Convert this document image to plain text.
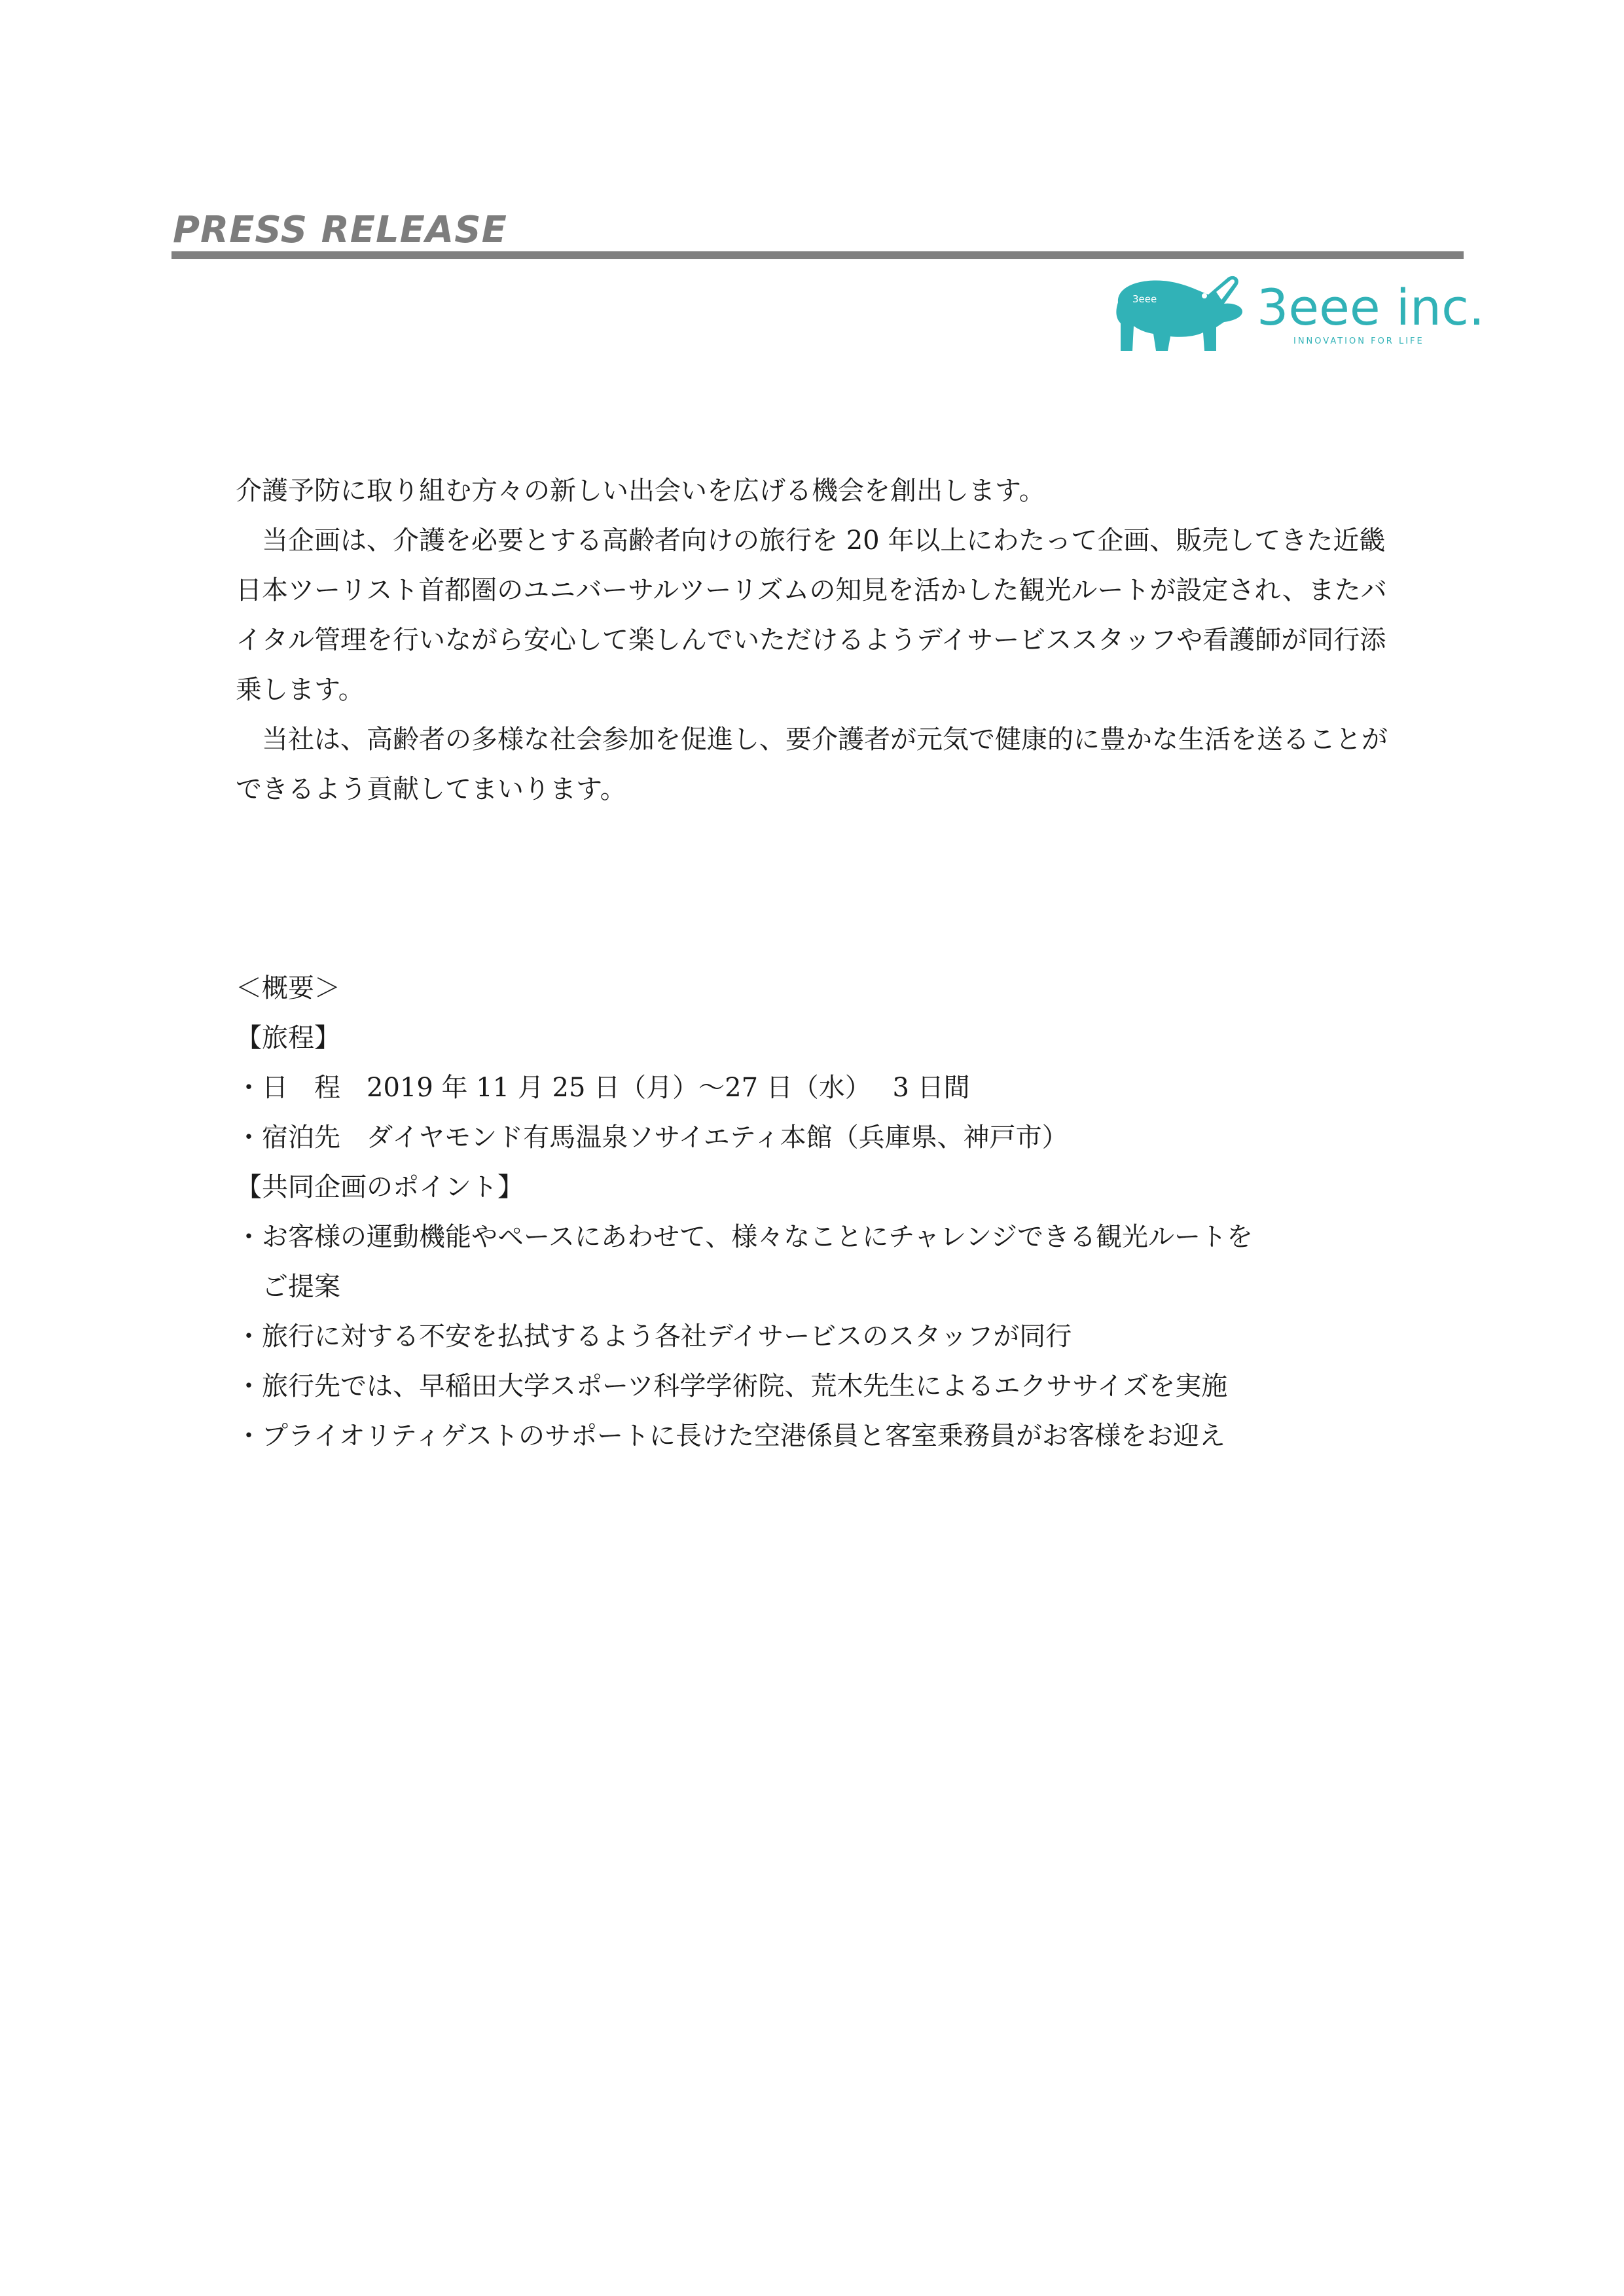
PRESS RELEASE
3eee 3eee inc.
INNOVATION FOR LIFE

介護予防に取り組む方々の新しい出会いを広げる機会を創出します。

当企画は、介護を必要とする高齢者向けの旅行を 20 年以上にわたって企画、販売してきた近畿日本ツーリスト首都圏のユニバーサルツーリズムの知見を活かした観光ルートが設定され、またバイタル管理を行いながら安心して楽しんでいただけるようデイサービススタッフや看護師が同行添乗します。

当社は、高齢者の多様な社会参加を促進し、要介護者が元気で健康的に豊かな生活を送ることができるよう貢献してまいります。

＜概要＞

【旅程】

・日　程　2019 年 11 月 25 日（月）～27 日（水）　 3 日間

・宿泊先　ダイヤモンド有馬温泉ソサイエティ本館（兵庫県、神戸市）

【共同企画のポイント】

・お客様の運動機能やペースにあわせて、様々なことにチャレンジできる観光ルートを

ご提案

・旅行に対する不安を払拭するよう各社デイサービスのスタッフが同行

・旅行先では、早稲田大学スポーツ科学学術院、荒木先生によるエクササイズを実施

・プライオリティゲストのサポートに長けた空港係員と客室乗務員がお客様をお迎え
